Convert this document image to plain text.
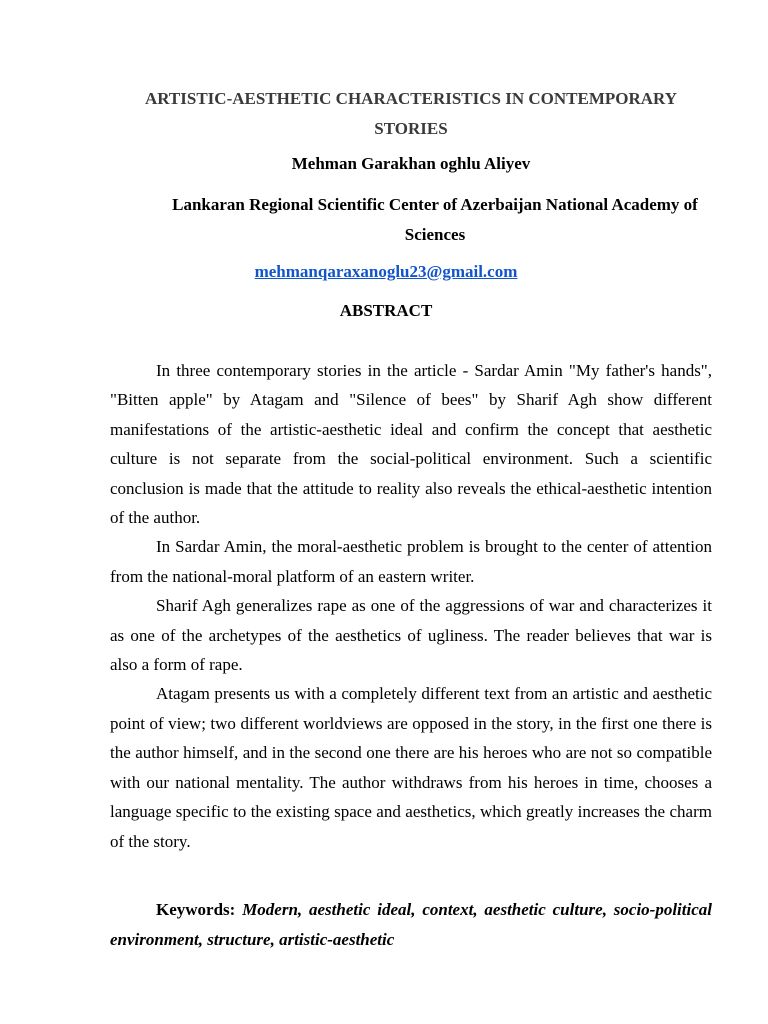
ARTISTIC-AESTHETIC CHARACTERISTICS IN CONTEMPORARY STORIES
Mehman Garakhan oghlu Aliyev
Lankaran Regional Scientific Center of Azerbaijan National Academy of Sciences
mehmanqaraxanoglu23@gmail.com
ABSTRACT

In three contemporary stories in the article - Sardar Amin "My father's hands", "Bitten apple" by Atagam and "Silence of bees" by Sharif Agh show different manifestations of the artistic-aesthetic ideal and confirm the concept that aesthetic culture is not separate from the social-political environment. Such a scientific conclusion is made that the attitude to reality also reveals the ethical-aesthetic intention of the author.

In Sardar Amin, the moral-aesthetic problem is brought to the center of attention from the national-moral platform of an eastern writer.

Sharif Agh generalizes rape as one of the aggressions of war and characterizes it as one of the archetypes of the aesthetics of ugliness. The reader believes that war is also a form of rape.

Atagam presents us with a completely different text from an artistic and aesthetic point of view; two different worldviews are opposed in the story, in the first one there is the author himself, and in the second one there are his heroes who are not so compatible with our national mentality. The author withdraws from his heroes in time, chooses a language specific to the existing space and aesthetics, which greatly increases the charm of the story.

Keywords: Modern, aesthetic ideal, context, aesthetic culture, socio-political environment, structure, artistic-aesthetic
